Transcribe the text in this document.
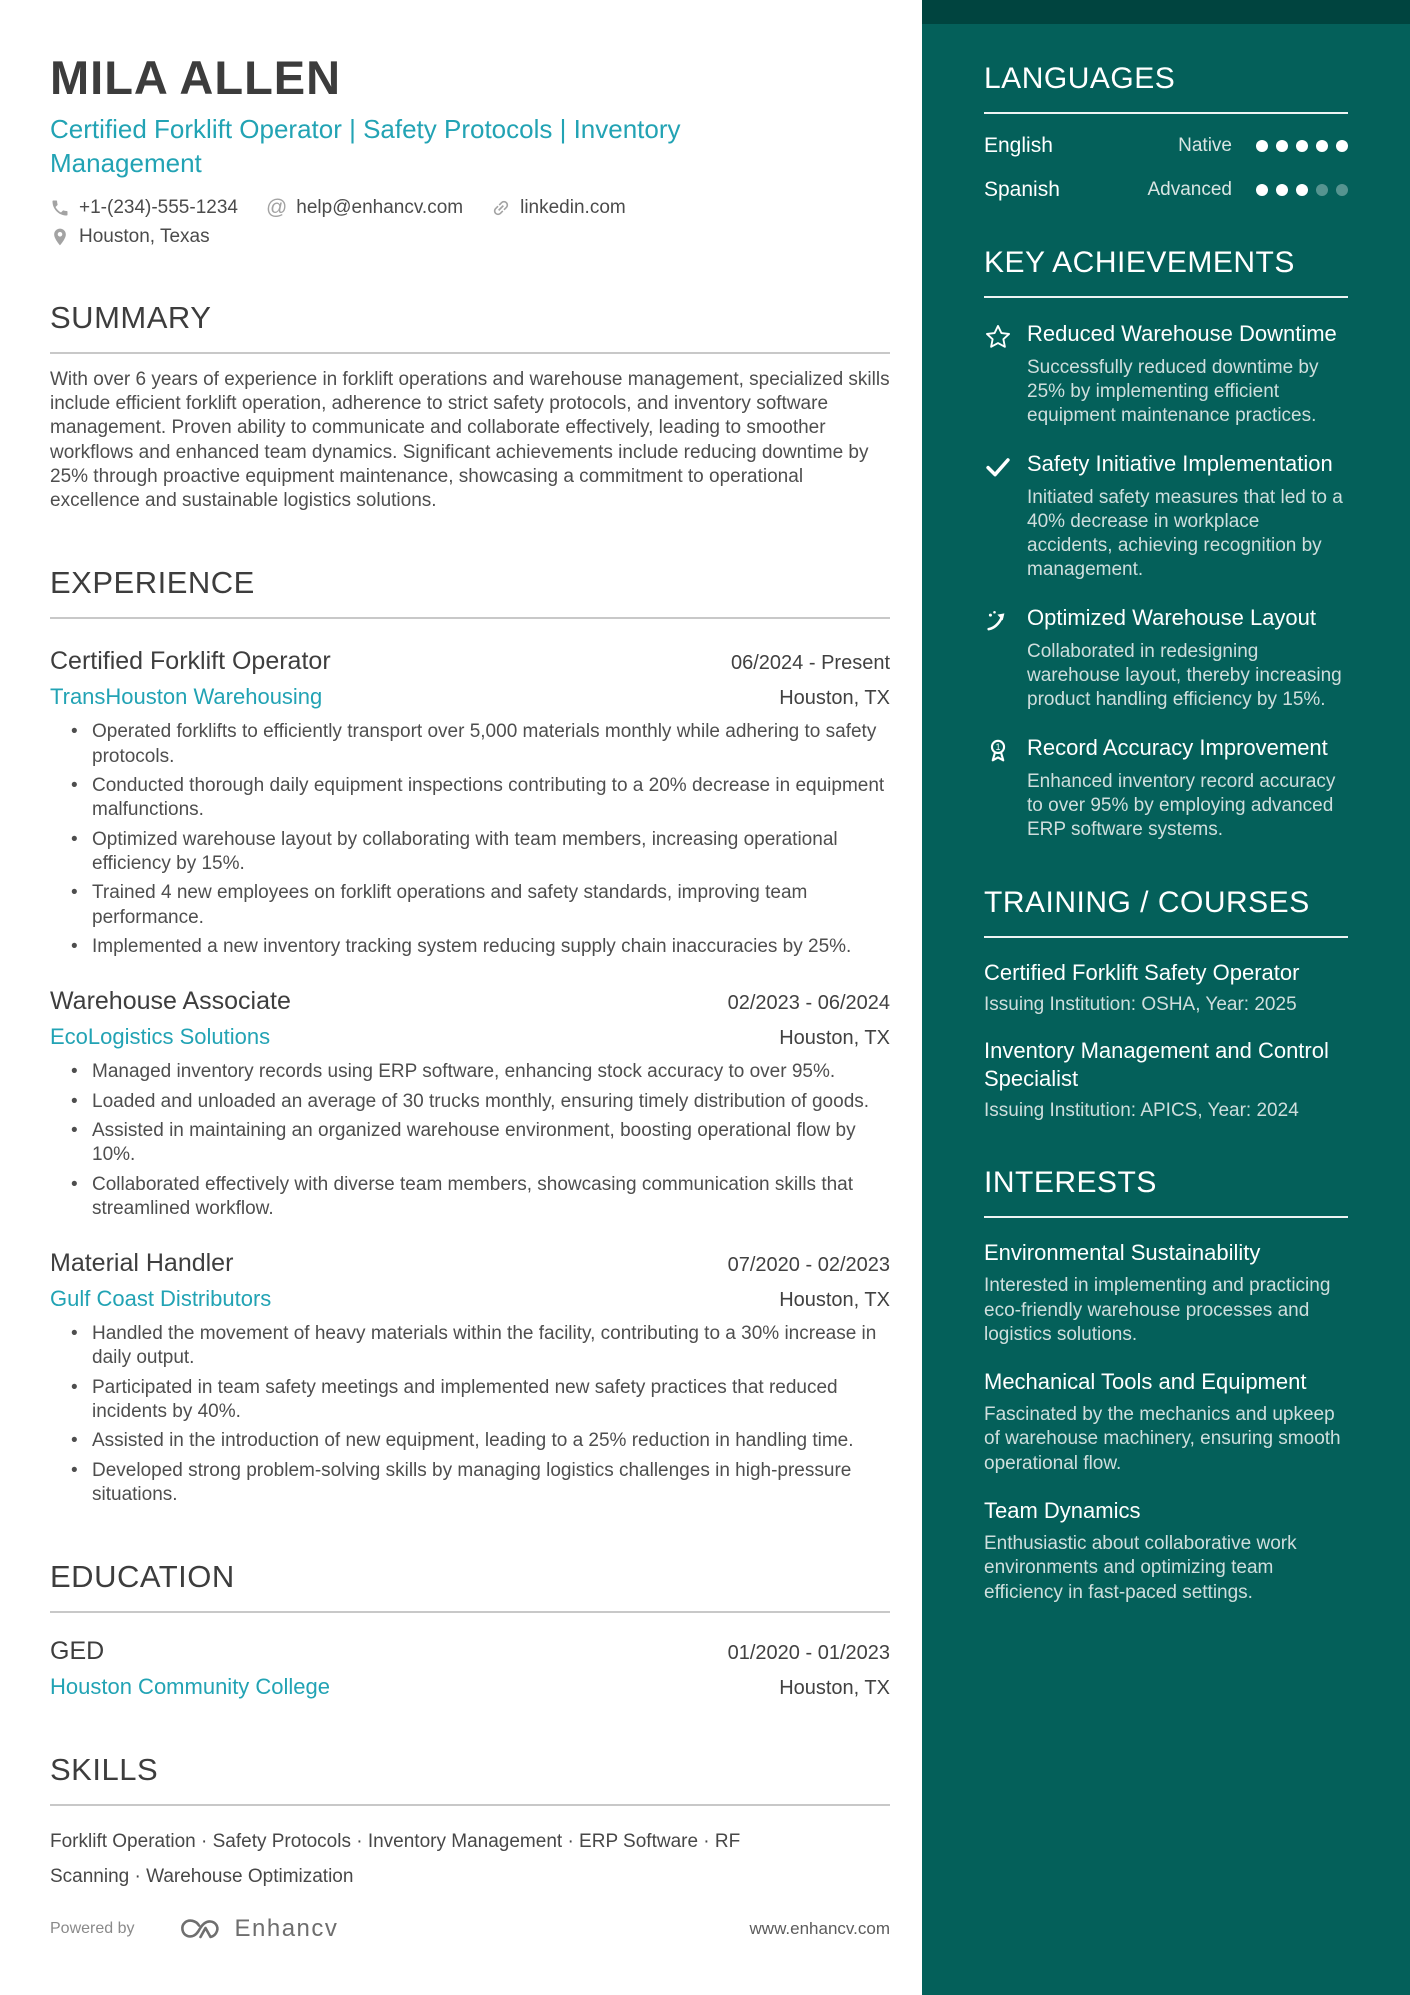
MILA ALLEN
Certified Forklift Operator | Safety Protocols | Inventory Management
+1-(234)-555-1234 @ help@enhancv.com	linkedin.com
Houston, Texas
SUMMARY

With over 6 years of experience in forklift operations and warehouse management, specialized skills include efficient forklift operation, adherence to strict safety protocols, and inventory software management. Proven ability to communicate and collaborate effectively, leading to smoother workflows and enhanced team dynamics. Significant achievements include reducing downtime by 25% through proactive equipment maintenance, showcasing a commitment to operational excellence and sustainable logistics solutions.

EXPERIENCE
Certified Forklift Operator	06/2024 - Present
TransHouston Warehousing	Houston, TX
• Operated forklifts to efficiently transport over 5,000 materials monthly while adhering to safety protocols.
• Conducted thorough daily equipment inspections contributing to a 20% decrease in equipment malfunctions.
• Optimized warehouse layout by collaborating with team members, increasing operational efficiency by 15%.
• Trained 4 new employees on forklift operations and safety standards, improving team performance.
• Implemented a new inventory tracking system reducing supply chain inaccuracies by 25%.
Warehouse Associate	02/2023 - 06/2024
EcoLogistics Solutions	Houston, TX
• Managed inventory records using ERP software, enhancing stock accuracy to over 95%.
• Loaded and unloaded an average of 30 trucks monthly, ensuring timely distribution of goods.
• Assisted in maintaining an organized warehouse environment, boosting operational flow by 10%.
• Collaborated effectively with diverse team members, showcasing communication skills that streamlined workflow.
Material Handler	07/2020 - 02/2023
Gulf Coast Distributors	Houston, TX
• Handled the movement of heavy materials within the facility, contributing to a 30% increase in daily output.
• Participated in team safety meetings and implemented new safety practices that reduced incidents by 40%.
• Assisted in the introduction of new equipment, leading to a 25% reduction in handling time.
• Developed strong problem-solving skills by managing logistics challenges in high-pressure situations.
EDUCATION
GED	01/2020 - 01/2023
Houston Community College	Houston, TX
SKILLS
Forklift Operation · Safety Protocols · Inventory Management · ERP Software · RF Scanning · Warehouse Optimization
Powered by	Enhancv	www.enhancv.com
LANGUAGES
English	Native
Spanish	Advanced
KEY ACHIEVEMENTS
Reduced Warehouse Downtime
Successfully reduced downtime by 25% by implementing efficient equipment maintenance practices.
Safety Initiative Implementation
Initiated safety measures that led to a 40% decrease in workplace accidents, achieving recognition by management.
Optimized Warehouse Layout
Collaborated in redesigning warehouse layout, thereby increasing product handling efficiency by 15%.
1 Record Accuracy Improvement
Enhanced inventory record accuracy to over 95% by employing advanced ERP software systems.
TRAINING / COURSES
Certified Forklift Safety Operator
Issuing Institution: OSHA, Year: 2025
Inventory Management and Control Specialist
Issuing Institution: APICS, Year: 2024
INTERESTS
Environmental Sustainability
Interested in implementing and practicing eco-friendly warehouse processes and logistics solutions.
Mechanical Tools and Equipment
Fascinated by the mechanics and upkeep of warehouse machinery, ensuring smooth operational flow.
Team Dynamics
Enthusiastic about collaborative work environments and optimizing team efficiency in fast-paced settings.
